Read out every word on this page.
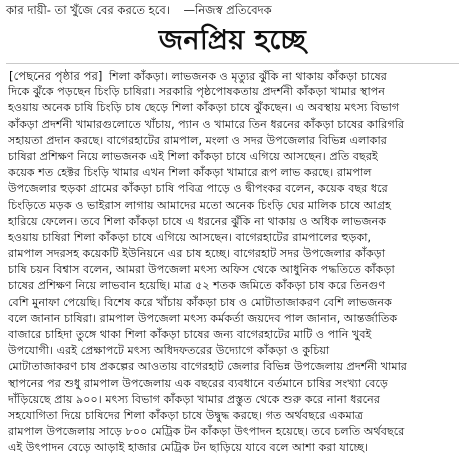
কার দায়ী- তা খুঁজে বের করতে হবে। —নিজস্ব প্রতিবেদক
জনপ্রিয় হচ্ছে
[পেছনের পৃষ্ঠার পর] শিলা কাঁকড়া। লাভজনক ও মৃত্যুর ঝুঁকি না থাকায় কাঁকড়া চাষের
দিকে ঝুঁকে পড়ছেন চিংড়ি চাষিরা। সরকারি পৃষ্ঠপোষকতায় প্রদর্শনী কাঁকড়া খামার স্থাপন
হওয়ায় অনেক চাষি চিংড়ি চাষ ছেড়ে শিলা কাঁকড়া চাষে ঝুঁকছেন। এ অবস্থায় মৎস্য বিভাগ
কাঁকড়া প্রদর্শনী খামারগুলোতে খাঁচায়, প্যান ও খামারে তিন ধরনের কাঁকড়া চাষের কারিগরি
সহায়তা প্রদান করছে। বাগেরহাটের রামপাল, মংলা ও সদর উপজেলার বিভিন্ন এলাকার
চাষিরা প্রশিক্ষণ নিয়ে লাভজনক এই শিলা কাঁকড়া চাষে এগিয়ে আসছেন। প্রতি বছরই
কয়েক শত হেক্টর চিংড়ি খামার এখন শিলা কাঁকড়া খামারে রূপ লাভ করছে। রামপাল
উপজেলার হুড়কা গ্রামের কাঁকড়া চাষি পবিত্র পাড়ে ও দ্বীপংকর বলেন, কয়েক বছর ধরে
চিংড়িতে মড়ক ও ভাইরাস লাগায় আমাদের মতো অনেক চিংড়ি ঘের মালিক চাষে আগ্রহ
হারিয়ে ফেলেন। তবে শিলা কাঁকড়া চাষে এ ধরনের ঝুঁকি না থাকায় ও অধিক লাভজনক
হওয়ায় চাষিরা শিলা কাঁকড়া চাষে এগিয়ে আসছেন। বাগেরহাটের রামপালের হুড়কা,
রামপাল সদরসহ কয়েকটি ইউনিয়নে এর চাষ হচ্ছে। বাগেরহাট সদর উপজেলার কাঁকড়া
চাষি চয়ন বিশ্বাস বলেন, আমরা উপজেলা মৎস্য অফিস থেকে আধুনিক পদ্ধতিতে কাঁকড়া
চাষের প্রশিক্ষণ নিয়ে লাভবান হয়েছি। মাত্র ৫২ শতক জমিতে কাঁকড়া চাষ করে তিনগুণ
বেশি মুনাফা পেয়েছি। বিশেষ করে খাঁচায় কাঁকড়া চাষ ও মোটাতাজাকরণ বেশি লাভজনক
বলে জানান চাষিরা। রামপাল উপজেলা মৎস্য কর্মকর্তা জয়দেব পাল জানান, আন্তর্জাতিক
বাজারে চাহিদা তুঙ্গে থাকা শিলা কাঁকড়া চাষের জন্য বাগেরহাটের মাটি ও পানি খুবই
উপযোগী। এরই প্রেক্ষাপটে মৎস্য অধিদফতরের উদ্যোগে কাঁকড়া ও কুচিয়া
মোটাতাজাকরণ চাষ প্রকল্পের আওতায় বাগেরহাট জেলার বিভিন্ন উপজেলায় প্রদর্শনী খামার
স্থাপনের পর শুধু রামপাল উপজেলায় এক বছরের ব্যবধানে বর্তমানে চাষির সংখ্যা বেড়ে
দাঁড়িয়েছে প্রায় ৯০০। মৎস্য বিভাগ কাঁকড়া খামার প্রস্তুত থেকে শুরু করে নানা ধরনের
সহযোগিতা দিয়ে চাষিদের শিলা কাঁকড়া চাষে উদ্বুদ্ধ করছে। গত অর্থবছরে একমাত্র
রামপাল উপজেলায় সাড়ে ৮০০ মেট্রিক টন কাঁকড়া উৎপাদন হয়েছে। তবে চলতি অর্থবছরে
এই উৎপাদন বেড়ে আড়াই হাজার মেট্রিক টন ছাড়িয়ে যাবে বলে আশা করা যাচ্ছে।
